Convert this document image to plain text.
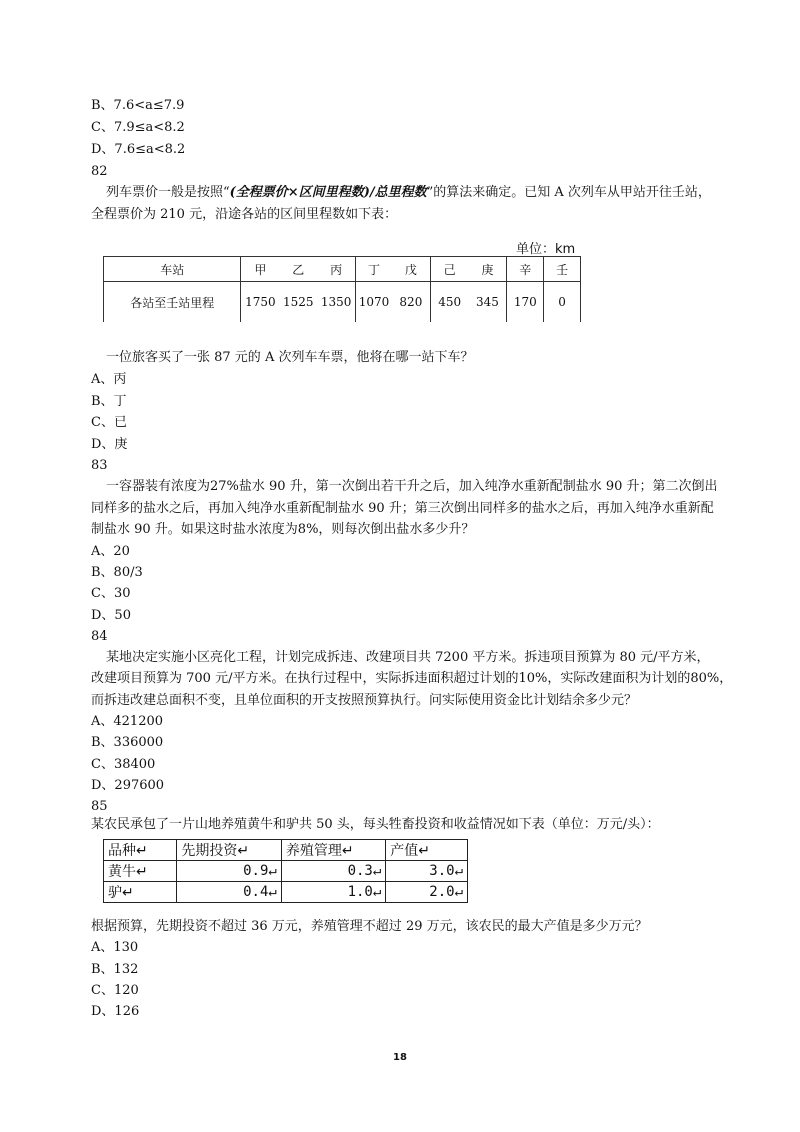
B、7.6<a≤7.9
C、7.9≤a<8.2
D、7.6≤a<8.2
82
列车票价一般是按照“(全程票价×区间里程数)/总里程数”的算法来确定。已知 A 次列车从甲站开往壬站，
全程票价为 210 元，沿途各站的区间里程数如下表：
单位：km
车站	甲	乙	丙	丁	戊	己	庚	辛	壬
各站至壬站里程	1750	1525	1350	1070	820	450	345	170	0
一位旅客买了一张 87 元的 A 次列车车票，他将在哪一站下车？
A、丙
B、丁
C、已
D、庚
83
一容器装有浓度为27%盐水 90 升，第一次倒出若干升之后，加入纯净水重新配制盐水 90 升；第二次倒出
同样多的盐水之后，再加入纯净水重新配制盐水 90 升；第三次倒出同样多的盐水之后，再加入纯净水重新配
制盐水 90 升。如果这时盐水浓度为8%，则每次倒出盐水多少升？
A、20
B、80/3
C、30
D、50
84
某地决定实施小区亮化工程，计划完成拆违、改建项目共 7200 平方米。拆违项目预算为 80 元/平方米，
改建项目预算为 700 元/平方米。在执行过程中，实际拆违面积超过计划的10%，实际改建面积为计划的80%，
而拆违改建总面积不变，且单位面积的开支按照预算执行。问实际使用资金比计划结余多少元？
A、421200
B、336000
C、38400
D、297600
85
某农民承包了一片山地养殖黄牛和驴共 50 头，每头牲畜投资和收益情况如下表（单位：万元/头）：
品种↵	先期投资↵	养殖管理↵	产值↵
黄牛↵	0.9↵	0.3↵	3.0↵
驴↵	0.4↵	1.0↵	2.0↵
根据预算，先期投资不超过 36 万元，养殖管理不超过 29 万元，该农民的最大产值是多少万元？
A、130
B、132
C、120
D、126
18
